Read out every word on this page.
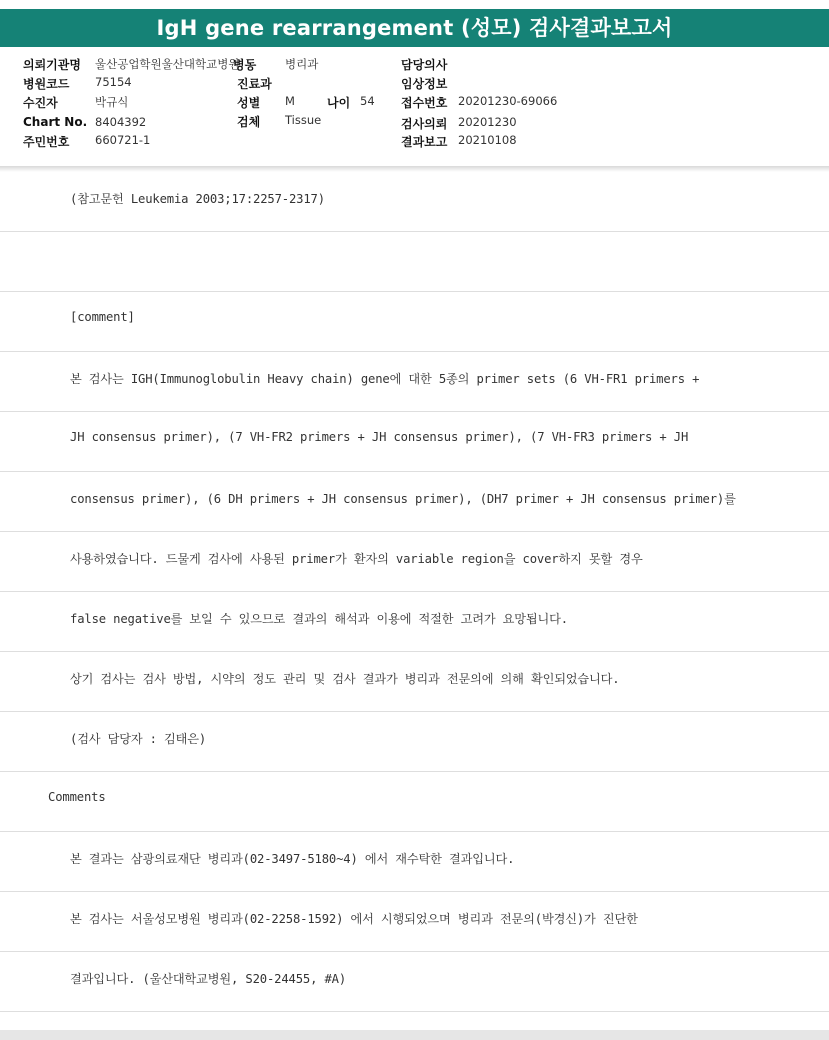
IgH gene rearrangement (성모) 검사결과보고서
의뢰기관명 울산공업학원울산대학교병원
병동	병리과	담당의사
병원코드 75154	진료과	임상정보
수진자	박규식	성별 M	나이 54 접수번호 20201230-69066
Chart No. 8404392	검체 Tissue	검사의뢰 20201230
주민번호 660721-1	결과보고 20210108
(참고문헌 Leukemia 2003;17:2257-2317)
[comment]
본 검사는 IGH(Immunoglobulin Heavy chain) gene에 대한 5종의 primer sets (6 VH-FR1 primers +
JH consensus primer), (7 VH-FR2 primers + JH consensus primer), (7 VH-FR3 primers + JH
consensus primer), (6 DH primers + JH consensus primer), (DH7 primer + JH consensus primer)를
사용하였습니다. 드물게 검사에 사용된 primer가 환자의 variable region을 cover하지 못할 경우
false negative를 보일 수 있으므로 결과의 해석과 이용에 적절한 고려가 요망됩니다.
상기 검사는 검사 방법, 시약의 정도 관리 및 검사 결과가 병리과 전문의에 의해 확인되었습니다.
(검사 담당자 : 김태은)
Comments
본 결과는 삼광의료재단 병리과(02-3497-5180~4) 에서 재수탁한 결과입니다.
본 검사는 서울성모병원 병리과(02-2258-1592) 에서 시행되었으며 병리과 전문의(박경신)가 진단한
결과입니다. (울산대학교병원, S20-24455, #A)
